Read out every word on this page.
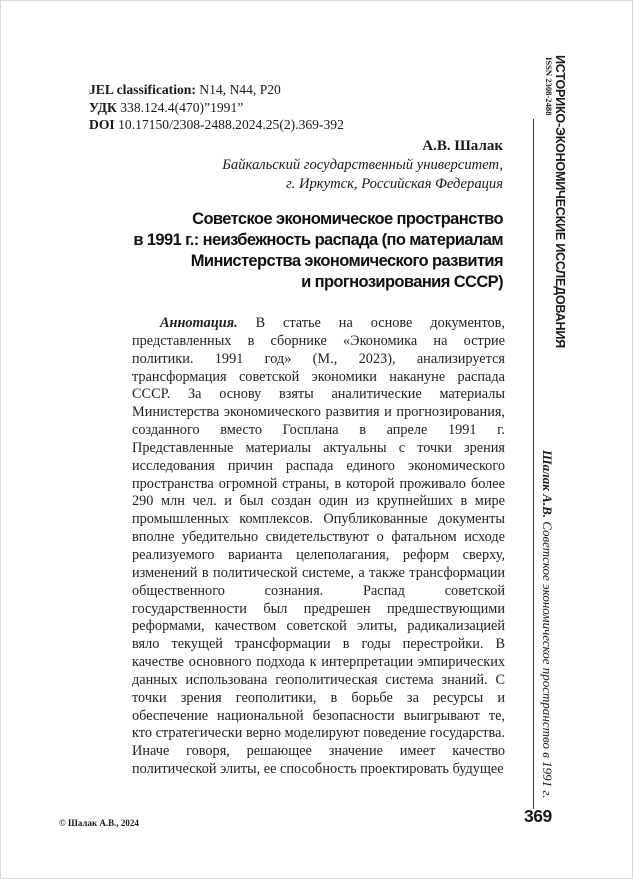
JEL classification: N14, N44, P20
УДК 338.124.4(470)”1991”
DOI 10.17150/2308-2488.2024.25(2).369-392
А.В. Шалак
Байкальский государственный университет,
г. Иркутск, Российская Федерация
Советское экономическое пространство
в 1991 г.: неизбежность распада (по материалам
Министерства экономического развития
и прогнозирования СССР)
Аннотация. В статье на основе документов, представленных в сборнике «Экономика на острие политики. 1991 год» (М., 2023), анализируется трансформация советской экономики накануне распада СССР. За основу взяты аналитические материалы Министерства экономического развития и прогнозирования, созданного вместо Госплана в апреле 1991 г. Представленные материалы актуальны с точки зрения исследования причин распада единого экономического пространства огромной страны, в которой проживало более 290 млн чел. и был создан один из крупнейших в мире промышленных комплексов. Опубликованные документы вполне убедительно свидетельствуют о фатальном исходе реализуемого варианта целеполагания, реформ сверху, изменений в политической системе, а также трансформации общественного сознания. Распад советской государственности был предрешен предшествующими реформами, качеством советской элиты, радикализацией вяло текущей трансформации в годы перестройки. В качестве основного подхода к интерпретации эмпирических данных использована геополитическая система знаний. С точки зрения геополитики, в борьбе за ресурсы и обеспечение национальной безопасности выигрывают те, кто стратегически верно моделируют поведение государства. Иначе говоря, решающее значение имеет качество политической элиты, ее способность проектировать будущее
© Шалак А.В., 2024	369
ИСТОРИКО-ЭКОНОМИЧЕСКИЕ ИССЛЕДОВАНИЯ
ISSN 2308-2488
Шалак А.В. Советское экономическое пространство в 1991 г.
